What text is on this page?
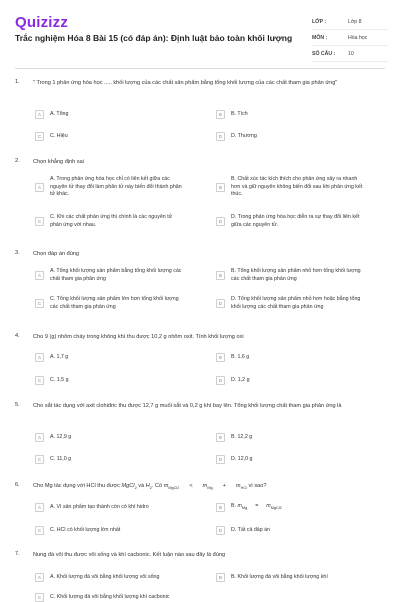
Quizizz
Trắc nghiệm Hóa 8 Bài 15 (có đáp án): Định luật bảo toàn khối lượng
LỚP :	Lớp 8
MÔN :	Hóa học
SỐ CÂU :	10
1. " Trong 1 phản ứng hóa học ..... khối lượng của các chất sản phẩm bằng tổng khối lượng của các chất tham gia phản ứng"
A	A. Tổng	B	B. Tích
C	C. Hiệu	D	D. Thương
2. Chọn khẳng định sai
A
A. Trong phản ứng hóa học chỉ có liên kết giữa các nguyên tử thay đổi làm phân tử này biến đổi thành phân tử khác.
B
B. Chất xúc tác kích thích cho phản ứng xảy ra nhanh hơn và giữ nguyên không biến đổi sau khi phản ứng kết thúc.
C
C. Khi các chất phản ứng thì chính là các nguyên tử phản ứng với nhau.	D
D. Trong phản ứng hóa học diễn ra sự thay đổi liên kết giữa các nguyên tử.
3. Chọn đáp án đúng
A
A. Tổng khối lượng sản phẩm bằng tổng khối lượng các chất tham gia phản ứng	B
B. Tổng khối lượng sản phẩm nhỏ hơn tổng khối lượng các chất tham gia phản ứng
C
C. Tổng khối lượng sản phẩm lớn hơn tổng khối lượng các chất tham gia phản ứng	D
D. Tổng khối lượng sản phẩm nhỏ hơn hoặc bằng tổng khối lượng các chất tham gia phản ứng
4. Cho 9 (g) nhôm cháy trong không khí thu được 10,2 g nhôm oxit. Tính khối lượng oxi
A	A. 1,7 g	B	B. 1,6 g
C	C. 1,5 g	D	D. 1,2 g
5. Cho sắt tác dụng với axit clohiđric thu được 12,7 g muối sắt và 0,2 g khí bay lên. Tổng khối lượng chất tham gia phản ứng là
A	A. 12,9 g	B	B. 12,2 g
C	C. 11,0 g	D	D. 12,0 g
6. Cho Mg tác dụng với HCl thu được MgCl$_2$ và $H_2$. Có $m_{MgCl2} < m_{Mg} + m_{HCl}$ vì sao?
A	A. Vì sản phẩm tạo thành còn có khí hidro	B	B. $m_{Mg} = m_{MgCl2}$
C	C. HCl có khối lượng lớn nhất	D	D. Tất cả đáp án
7. Nung đá vôi thu được vôi sống và khí cacbonic. Kết luận nào sau đây là đúng
A	A. Khối lượng đá vôi bằng khối lượng vôi sống	B	B. Khối lượng đá vôi bằng khối lượng khí
C	C. Khối lượng đá vôi bằng khối lượng khí cacbonic
